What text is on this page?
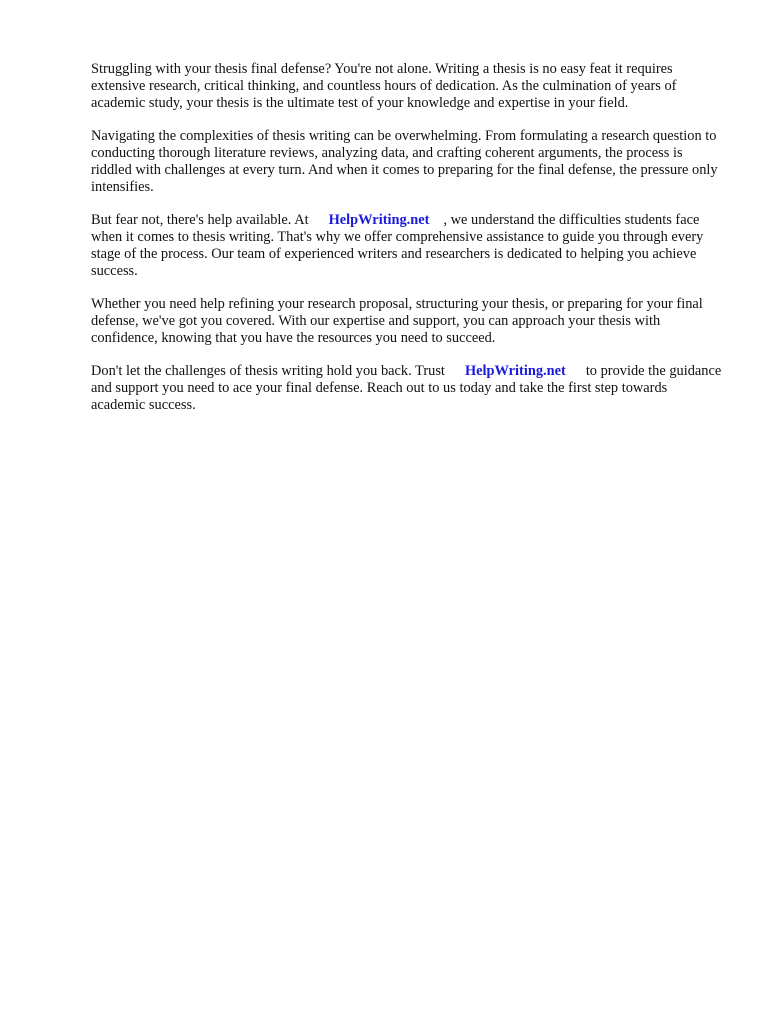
Struggling with your thesis final defense? You're not alone. Writing a thesis is no easy feat it requires extensive research, critical thinking, and countless hours of dedication. As the culmination of years of academic study, your thesis is the ultimate test of your knowledge and expertise in your field.

Navigating the complexities of thesis writing can be overwhelming. From formulating a research question to conducting thorough literature reviews, analyzing data, and crafting coherent arguments, the process is riddled with challenges at every turn. And when it comes to preparing for the final defense, the pressure only intensifies.

But fear not, there's help available. At HelpWriting.net , we understand the difficulties students face when it comes to thesis writing. That's why we offer comprehensive assistance to guide you through every stage of the process. Our team of experienced writers and researchers is dedicated to helping you achieve success.

Whether you need help refining your research proposal, structuring your thesis, or preparing for your final defense, we've got you covered. With our expertise and support, you can approach your thesis with confidence, knowing that you have the resources you need to succeed.

Don't let the challenges of thesis writing hold you back. Trust HelpWriting.net to provide the guidance and support you need to ace your final defense. Reach out to us today and take the first step towards academic success.
